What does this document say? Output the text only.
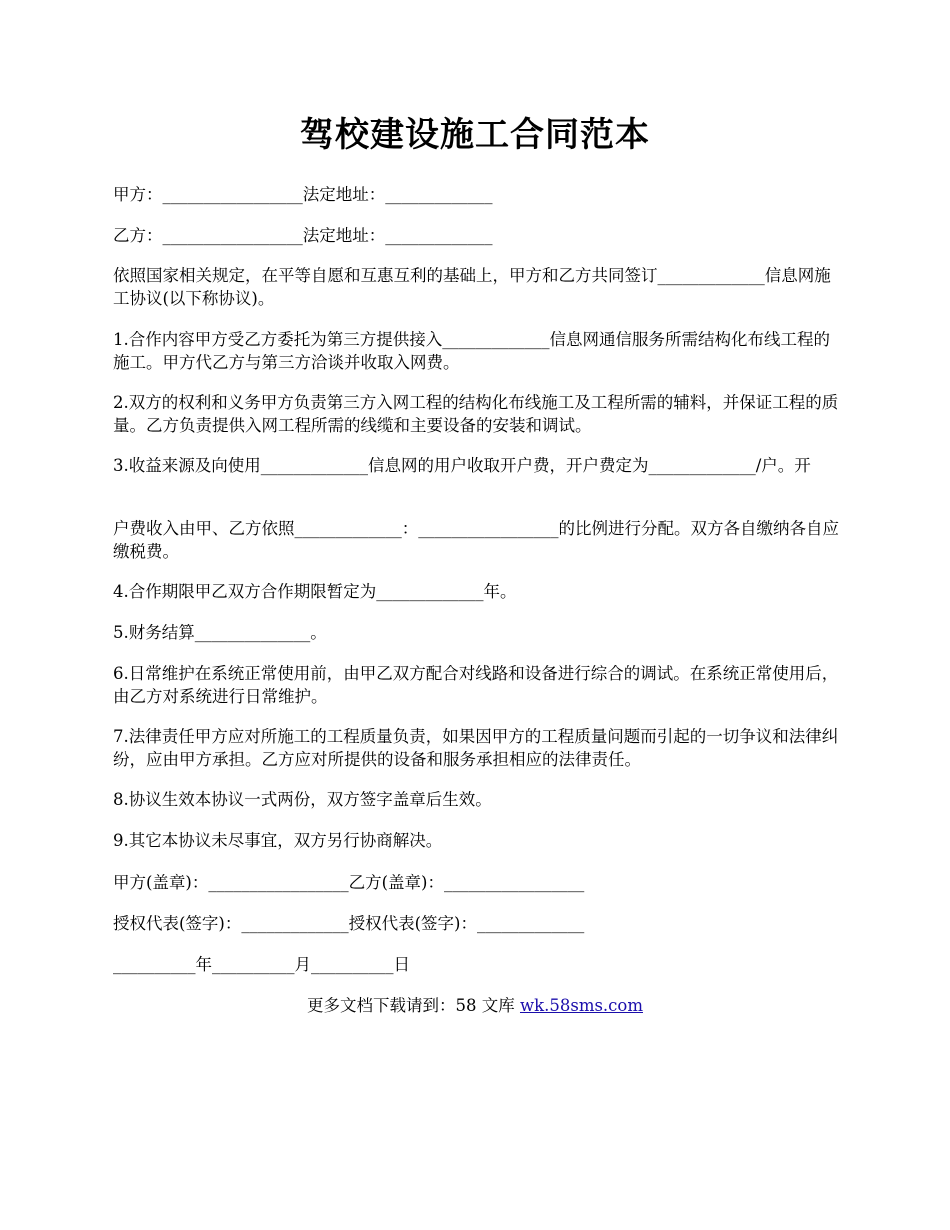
驾校建设施工合同范本

甲方：_________________法定地址：_____________

乙方：_________________法定地址：_____________

依照国家相关规定，在平等自愿和互惠互利的基础上，甲方和乙方共同签订_____________信息网施工协议(以下称协议)。

1.合作内容甲方受乙方委托为第三方提供接入_____________信息网通信服务所需结构化布线工程的施工。甲方代乙方与第三方洽谈并收取入网费。

2.双方的权利和义务甲方负责第三方入网工程的结构化布线施工及工程所需的辅料，并保证工程的质量。乙方负责提供入网工程所需的线缆和主要设备的安装和调试。

3.收益来源及向使用_____________信息网的用户收取开户费，开户费定为_____________/户。开

户费收入由甲、乙方依照_____________：_________________的比例进行分配。双方各自缴纳各自应缴税费。

4.合作期限甲乙双方合作期限暂定为_____________年。

5.财务结算______________。

6.日常维护在系统正常使用前，由甲乙双方配合对线路和设备进行综合的调试。在系统正常使用后，由乙方对系统进行日常维护。

7.法律责任甲方应对所施工的工程质量负责，如果因甲方的工程质量问题而引起的一切争议和法律纠纷，应由甲方承担。乙方应对所提供的设备和服务承担相应的法律责任。

8.协议生效本协议一式两份，双方签字盖章后生效。

9.其它本协议未尽事宜，双方另行协商解决。

甲方(盖章)：_________________乙方(盖章)：_________________

授权代表(签字)：_____________授权代表(签字)：_____________

__________年__________月__________日

更多文档下载请到：58 文库 wk.58sms.com
